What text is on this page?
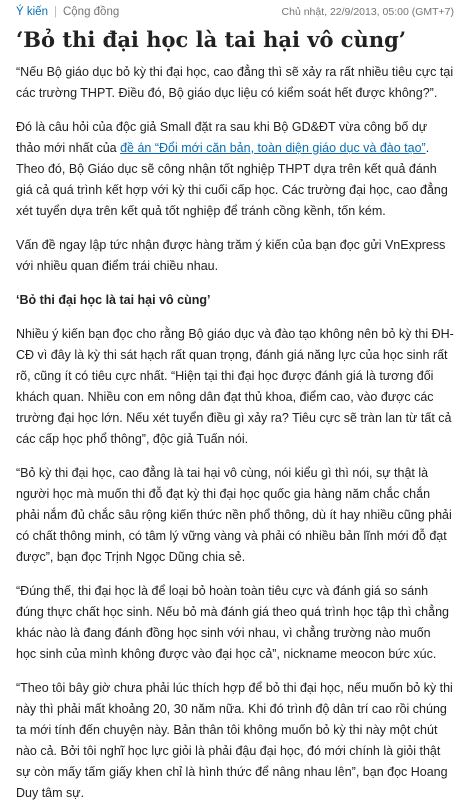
Ý kiến | Cộng đồng	Chủ nhật, 22/9/2013, 05:00 (GMT+7)
‘Bỏ thi đại học là tai hại vô cùng’

“Nếu Bộ giáo dục bỏ kỳ thi đại học, cao đẳng thì sẽ xảy ra rất nhiều tiêu cực tại các trường THPT. Điều đó, Bộ giáo dục liệu có kiểm soát hết được không?”.

Đó là câu hỏi của độc giả Small đặt ra sau khi Bộ GD&ĐT vừa công bố dự thảo mới nhất của đề án “Đổi mới căn bản, toàn diện giáo dục và đào tạo”. Theo đó, Bộ Giáo dục sẽ công nhận tốt nghiệp THPT dựa trên kết quả đánh giá cả quá trình kết hợp với kỳ thi cuối cấp học. Các trường đại học, cao đẳng xét tuyển dựa trên kết quả tốt nghiệp để tránh cồng kềnh, tốn kém.

Vấn đề ngay lập tức nhận được hàng trăm ý kiến của bạn đọc gửi VnExpress với nhiều quan điểm trái chiều nhau.

‘Bỏ thi đại học là tai hại vô cùng’

Nhiều ý kiến bạn đọc cho rằng Bộ giáo dục và đào tạo không nên bỏ kỳ thi ĐH-CĐ vì đây là kỳ thi sát hạch rất quan trọng, đánh giá năng lực của học sinh rất rõ, cũng ít có tiêu cực nhất. “Hiện tại thi đại học được đánh giá là tương đối khách quan. Nhiều con em nông dân đạt thủ khoa, điểm cao, vào được các trường đại học lớn. Nếu xét tuyển điều gì xảy ra? Tiêu cực sẽ tràn lan từ tất cả các cấp học phổ thông”, độc giả Tuấn nói.

“Bỏ kỳ thi đại học, cao đẳng là tai hại vô cùng, nói kiểu gì thì nói, sự thật là người học mà muốn thi đỗ đạt kỳ thi đại học quốc gia hàng năm chắc chắn phải nắm đủ chắc sâu rộng kiến thức nền phổ thông, dù ít hay nhiều cũng phải có chất thông minh, có tâm lý vững vàng và phải có nhiều bản lĩnh mới đỗ đạt được”, bạn đọc Trịnh Ngọc Dũng chia sẻ.

“Đúng thế, thi đại học là để loại bỏ hoàn toàn tiêu cực và đánh giá so sánh đúng thực chất học sinh. Nếu bỏ mà đánh giá theo quá trình học tập thì chẳng khác nào là đang đánh đồng học sinh với nhau, vì chẳng trường nào muốn học sinh của mình không được vào đại học cả”, nickname meocon bức xúc.

“Theo tôi bây giờ chưa phải lúc thích hợp để bỏ thi đại học, nếu muốn bỏ kỳ thi này thì phải mất khoảng 20, 30 năm nữa. Khi đó trình độ dân trí cao rồi chúng ta mới tính đến chuyện này. Bản thân tôi không muốn bỏ kỳ thi này một chút nào cả. Bởi tôi nghĩ học lực giỏi là phải đậu đại học, đó mới chính là giỏi thật sự còn mấy tấm giấy khen chỉ là hình thức để nâng nhau lên”, bạn đọc Hoang Duy tâm sự.
